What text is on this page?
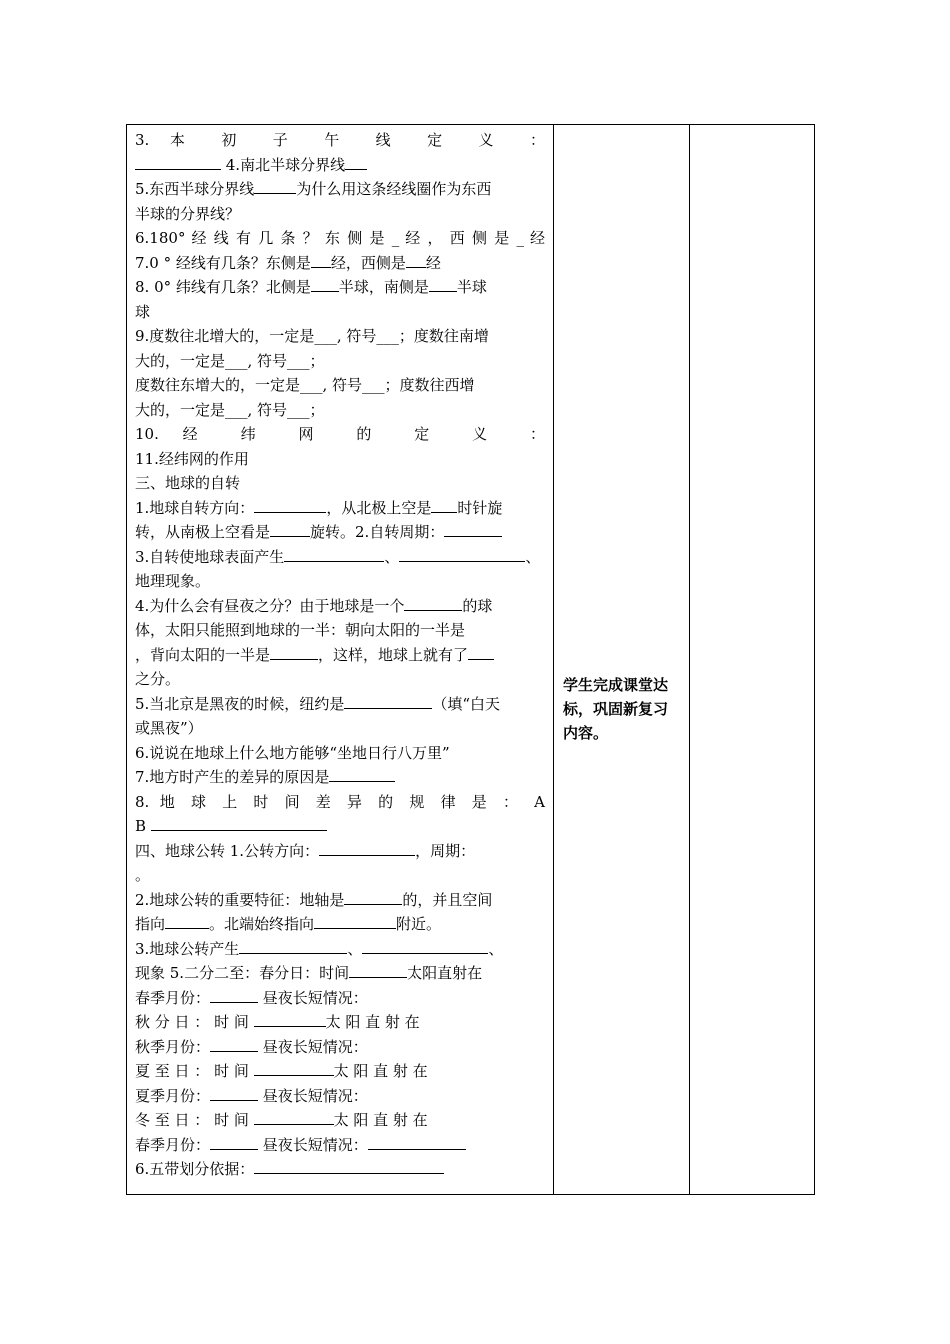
3. 本 初 子 午 线 定 义 ：
4.南北半球分界线
5.东西半球分界线	为什么用这条经线圈作为东西
半球的分界线？
6.180° 经 线 有 几 条 ？ 东 侧 是 _ 经 ， 西 侧 是 _ 经
7.0 ° 经线有几条？东侧是 经，西侧是 经
8. 0° 纬线有几条？北侧是 半球，南侧是 半球
球
9.度数往北增大的，一定是___, 符号___；度数往南增
大的，一定是___, 符号___；
度数往东增大的，一定是___, 符号___；度数往西增
大的，一定是___, 符号___；
10. 经 纬 网 的 定 义 ：
11.经纬网的作用
三、地球的自转
1.地球自转方向：	，从北极上空是 时针旋
转，从南极上空看是	旋转。2.自转周期：
3.自转使地球表面产生	、	、
地理现象。
4.为什么会有昼夜之分？由于地球是一个	的球
体，太阳只能照到地球的一半：朝向太阳的一半是
，背向太阳的一半是	，这样，地球上就有了
之分。
5.当北京是黑夜的时候，纽约是	（填“白天
或黑夜”）
6.说说在地球上什么地方能够“坐地日行八万里”
7.地方时产生的差异的原因是
8. 地 球 上 时 间 差 异 的 规 律 是 ： A
B
四、地球公转 1.公转方向：	，周期：
。
2.地球公转的重要特征：地轴是	的，并且空间
指向	。北端始终指向	附近。
3.地球公转产生	、	、
现象 5.二分二至：春分日：时间	太阳直射在
春季月份：	昼夜长短情况：
秋 分 日 ： 时 间	太 阳 直 射 在
秋季月份：	昼夜长短情况：
夏 至 日 ： 时 间	太 阳 直 射 在
夏季月份：	昼夜长短情况：
冬 至 日 ： 时 间	太 阳 直 射 在
春季月份：	昼夜长短情况：
6.五带划分依据：
学生完成课堂达
标，巩固新复习
内容。
